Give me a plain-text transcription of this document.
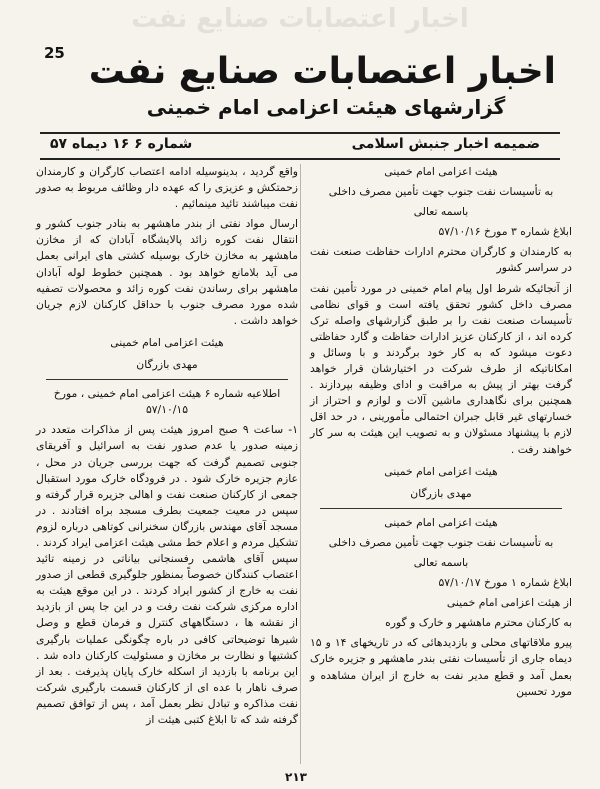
اخبار اعتصابات صنایع نفت
25 اخبار اعتصابات صنایع نفت
گزارشهای هیئت اعزامی امام خمینی
شماره ۶ ۱۶ دیماه ۵۷	ضمیمه اخبار جنبش اسلامی

هیئت اعزامی امام خمینی

به تأسیسات نفت جنوب جهت تأمین مصرف داخلی

باسمه تعالی

ابلاغ شماره ۳ مورخ ۵۷/۱۰/۱۶

به کارمندان و کارگران محترم ادارات حفاظت صنعت نفت در سراسر کشور

از آنجائیکه شرط اول پیام امام خمینی در مورد تأمین نفت مصرف داخل کشور تحقق یافته است و قوای نظامی تأسیسات صنعت نفت را بر طبق گزارشهای واصله ترک کرده اند ، از کارکنان عزیز ادارات حفاظت و گارد حفاظتی دعوت میشود که به کار خود برگردند و با وسائل و امکاناتیکه از طرف شرکت در اختیارشان قرار خواهد گرفت بهتر از پیش به مراقبت و ادای وظیفه بپردازند . همچنین برای نگاهداری ماشین آلات و لوازم و احتراز از خسارتهای غیر قابل جبران احتمالی مأمورینی ، در حد اقل لازم با پیشنهاد مسئولان و به تصویب این هیئت به سر کار خواهند رفت .

هیئت اعزامی امام خمینی

مهدی بازرگان

هیئت اعزامی امام خمینی

به تأسیسات نفت جنوب جهت تأمین مصرف داخلی

باسمه تعالی

ابلاغ شماره ۱ مورخ ۵۷/۱۰/۱۷

از هیئت اعزامی امام خمینی

به کارکنان محترم ماهشهر و خارک و گوره

پیرو ملاقاتهای محلی و بازدیدهائی که در تاریخهای ۱۴ و ۱۵ دیماه جاری از تأسیسات نفتی بندر ماهشهر و جزیره خارک بعمل آمد و قطع مدیر نفت به خارج از ایران مشاهده و مورد تحسین

واقع گردید ، بدینوسیله ادامه اعتصاب کارگران و کارمندان زحمتکش و عزیزی را که عهده دار وظائف مربوط به صدور نفت میباشند تائید مینمائیم .

ارسال مواد نفتی از بندر ماهشهر به بنادر جنوب کشور و انتقال نفت کوره زائد پالایشگاه آبادان که از مخازن ماهشهر به مخازن خارک بوسیله کشتی های ایرانی بعمل می آید بلامانع خواهد بود . همچنین خطوط لوله آبادان ماهشهر برای رساندن نفت کوره زائد و محصولات تصفیه شده مورد مصرف جنوب با حداقل کارکنان لازم جریان خواهد داشت .

هیئت اعزامی امام خمینی

مهدی بازرگان

اطلاعیه شماره ۶ هیئت اعزامی امام خمینی ، مورخ ۵۷/۱۰/۱۵

۱- ساعت ۹ صبح امروز هیئت پس از مذاکرات متعدد در زمینه صدور یا عدم صدور نفت به اسرائیل و آفریقای جنوبی تصمیم گرفت که جهت بررسی جریان در محل ، عازم جزیره خارک شود . در فرودگاه خارک مورد استقبال جمعی از کارکنان صنعت نفت و اهالی جزیره قرار گرفته و سپس در معیت جمعیت بطرف مسجد براه افتادند . در مسجد آقای مهندس بازرگان سخنرانی کوتاهی درباره لزوم تشکیل مردم و اعلام خط مشی هیئت اعزامی ایراد کردند . سپس آقای هاشمی رفسنجانی بیاناتی در زمینه تائید اعتصاب کنندگان خصوصاً بمنظور جلوگیری قطعی از صدور نفت به خارج از کشور ایراد کردند . در این موقع هیئت به اداره مرکزی شرکت نفت رفت و در این جا پس از بازدید از نقشه ها ، دستگاههای کنترل و فرمان قطع و وصل شیرها توضیحاتی کافی در باره چگونگی عملیات بارگیری کشتیها و نظارت بر مخازن و مسئولیت کارکنان داده شد . این برنامه با بازدید از اسکله خارک پایان پذیرفت . بعد از صرف ناهار با عده ای از کارکنان قسمت بارگیری شرکت نفت مذاکره و تبادل نظر بعمل آمد ، پس از توافق تصمیم گرفته شد که تا ابلاغ کتبی هیئت از

۲۱۳
